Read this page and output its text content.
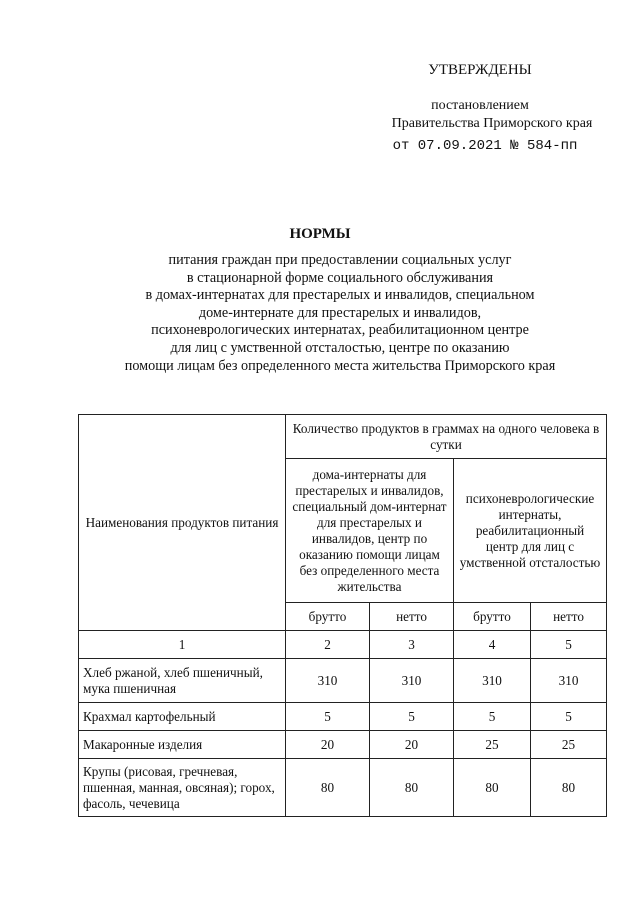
УТВЕРЖДЕНЫ
постановлением
Правительства Приморского края
от 07.09.2021 № 584-пп
НОРМЫ
питания граждан при предоставлении социальных услуг
в стационарной форме социального обслуживания
в домах-интернатах для престарелых и инвалидов, специальном
доме-интернате для престарелых и инвалидов,
психоневрологических интернатах, реабилитационном центре
для лиц с умственной отсталостью, центре по оказанию
помощи лицам без определенного места жительства Приморского края
Наименования продуктов питания	Количество продуктов в граммах на одного человека в сутки			
	дома-интернаты для престарелых и инвалидов, специальный дом-интернат для престарелых и инвалидов, центр по оказанию помощи лицам без определенного места жительства		психоневрологические интернаты, реабилитационный центр для лиц с умственной отсталостью	
	брутто	нетто	брутто	нетто
1	2	3	4	5
Хлеб ржаной, хлеб пшеничный, мука пшеничная	310	310	310	310
Крахмал картофельный	5	5	5	5
Макаронные изделия	20	20	25	25
Крупы (рисовая, гречневая, пшенная, манная, овсяная); горох, фасоль, чечевица	80	80	80	80
